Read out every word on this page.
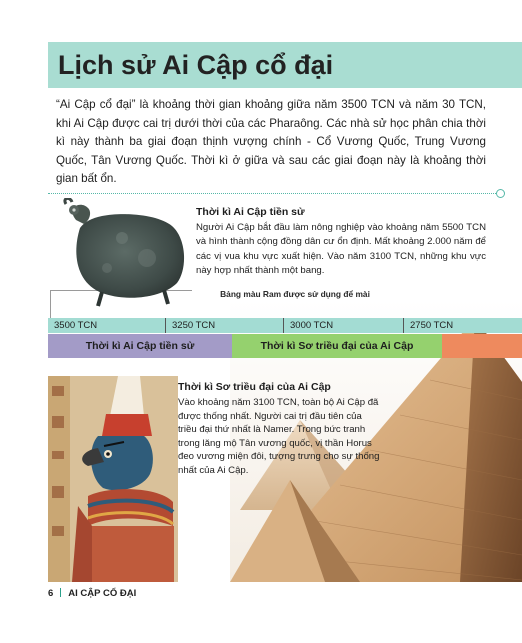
Lịch sử Ai Cập cổ đại

“Ai Cập cổ đại” là khoảng thời gian khoảng giữa năm 3500 TCN và năm 30 TCN, khi Ai Cập được cai trị dưới thời của các Pharaông. Các nhà sử học phân chia thời kì này thành ba giai đoạn thịnh vượng chính - Cổ Vương Quốc, Trung Vương Quốc, Tân Vương Quốc. Thời kì ở giữa và sau các giai đoạn này là khoảng thời gian bất ổn.

Thời kì Ai Cập tiền sử

Người Ai Cập bắt đầu làm nông nghiệp vào khoảng năm 5500 TCN và hình thành cộng đồng dân cư ổn định. Mất khoảng 2.000 năm để các vị vua khu vực xuất hiện. Vào năm 3100 TCN, những khu vực này hợp nhất thành một bang.

Bảng màu Ram được sử dụng để mài
3500 TCN	3250 TCN	3000 TCN	2750 TCN
Thời kì Ai Cập tiền sử	Thời kì Sơ triều đại của Ai Cập

Thời kì Sơ triều đại của Ai Cập

Vào khoảng năm 3100 TCN, toàn bộ Ai Cập đã được thống nhất. Người cai trị đầu tiên của triều đại thứ nhất là Namer. Trong bức tranh trong lăng mộ Tân vương quốc, vị thần Horus đeo vương miện đôi, tượng trưng cho sự thống nhất của Ai Cập.

6 AI CẬP CỔ ĐẠI
